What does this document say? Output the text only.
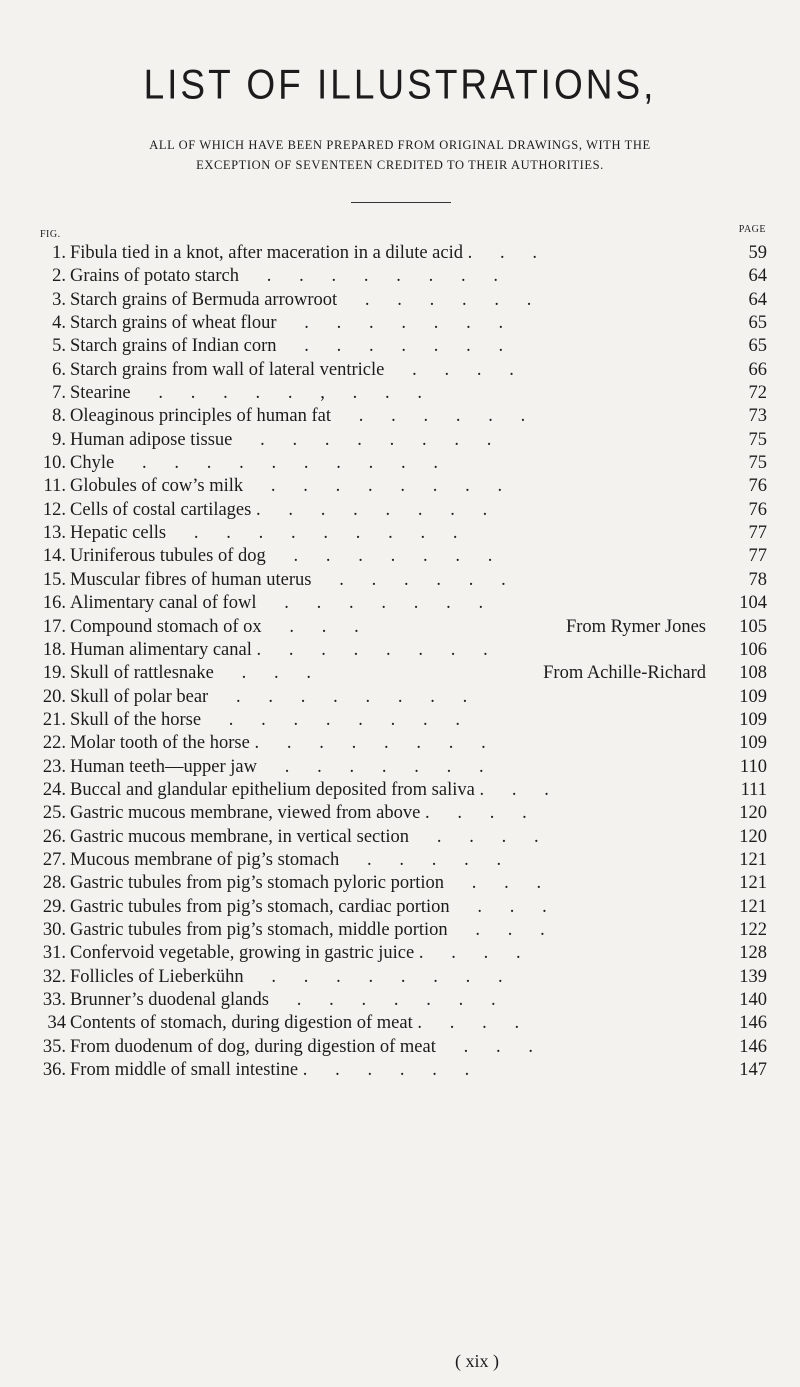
LIST OF ILLUSTRATIONS,
ALL OF WHICH HAVE BEEN PREPARED FROM ORIGINAL DRAWINGS, WITH THE
EXCEPTION OF SEVENTEEN CREDITED TO THEIR AUTHORITIES.
FIG.	PAGE
1. Fibula tied in a knot, after maceration in a dilute acid .      .      .	59
2. Grains of potato starch      .      .      .      .      .      .      .      .	64
3. Starch grains of Bermuda arrowroot      .      .      .      .      .      .	64
4. Starch grains of wheat flour      .      .      .      .      .      .      .	65
5. Starch grains of Indian corn      .      .      .      .      .      .      .	65
6. Starch grains from wall of lateral ventricle      .      .      .      .	66
7. Stearine      .      .      .      .      .      ,      .      .      .	72
8. Oleaginous principles of human fat      .      .      .      .      .      .	73
9. Human adipose tissue      .      .      .      .      .      .      .      .	75
10. Chyle      .      .      .      .      .      .      .      .      .      .	75
11. Globules of cow’s milk      .      .      .      .      .      .      .      .	76
12. Cells of costal cartilages .      .      .      .      .      .      .      .	76
13. Hepatic cells      .      .      .      .      .      .      .      .      .	77
14. Uriniferous tubules of dog      .      .      .      .      .      .      .	77
15. Muscular fibres of human uterus      .      .      .      .      .      .	78
16. Alimentary canal of fowl      .      .      .      .      .      .      .	104
17. Compound stomach of ox      .      .      .	From Rymer Jones	105
18. Human alimentary canal .      .      .      .      .      .      .      .	106
19. Skull of rattlesnake      .      .      .	From Achille-Richard	108
20. Skull of polar bear      .      .      .      .      .      .      .      .	109
21. Skull of the horse      .      .      .      .      .      .      .      .	109
22. Molar tooth of the horse .      .      .      .      .      .      .      .	109
23. Human teeth—upper jaw      .      .      .      .      .      .      .	110
24. Buccal and glandular epithelium deposited from saliva .      .      .	111
25. Gastric mucous membrane, viewed from above .      .      .      .	120
26. Gastric mucous membrane, in vertical section      .      .      .      .	120
27. Mucous membrane of pig’s stomach      .      .      .      .      .	121
28. Gastric tubules from pig’s stomach pyloric portion      .      .      .	121
29. Gastric tubules from pig’s stomach, cardiac portion      .      .      .	121
30. Gastric tubules from pig’s stomach, middle portion      .      .      .	122
31. Confervoid vegetable, growing in gastric juice .      .      .      .	128
32. Follicles of Lieberkühn      .      .      .      .      .      .      .      .	139
33. Brunner’s duodenal glands      .      .      .      .      .      .      .	140
34 Contents of stomach, during digestion of meat .      .      .      .	146
35. From duodenum of dog, during digestion of meat      .      .      .	146
36. From middle of small intestine .      .      .      .      .      .	147
( xix )
